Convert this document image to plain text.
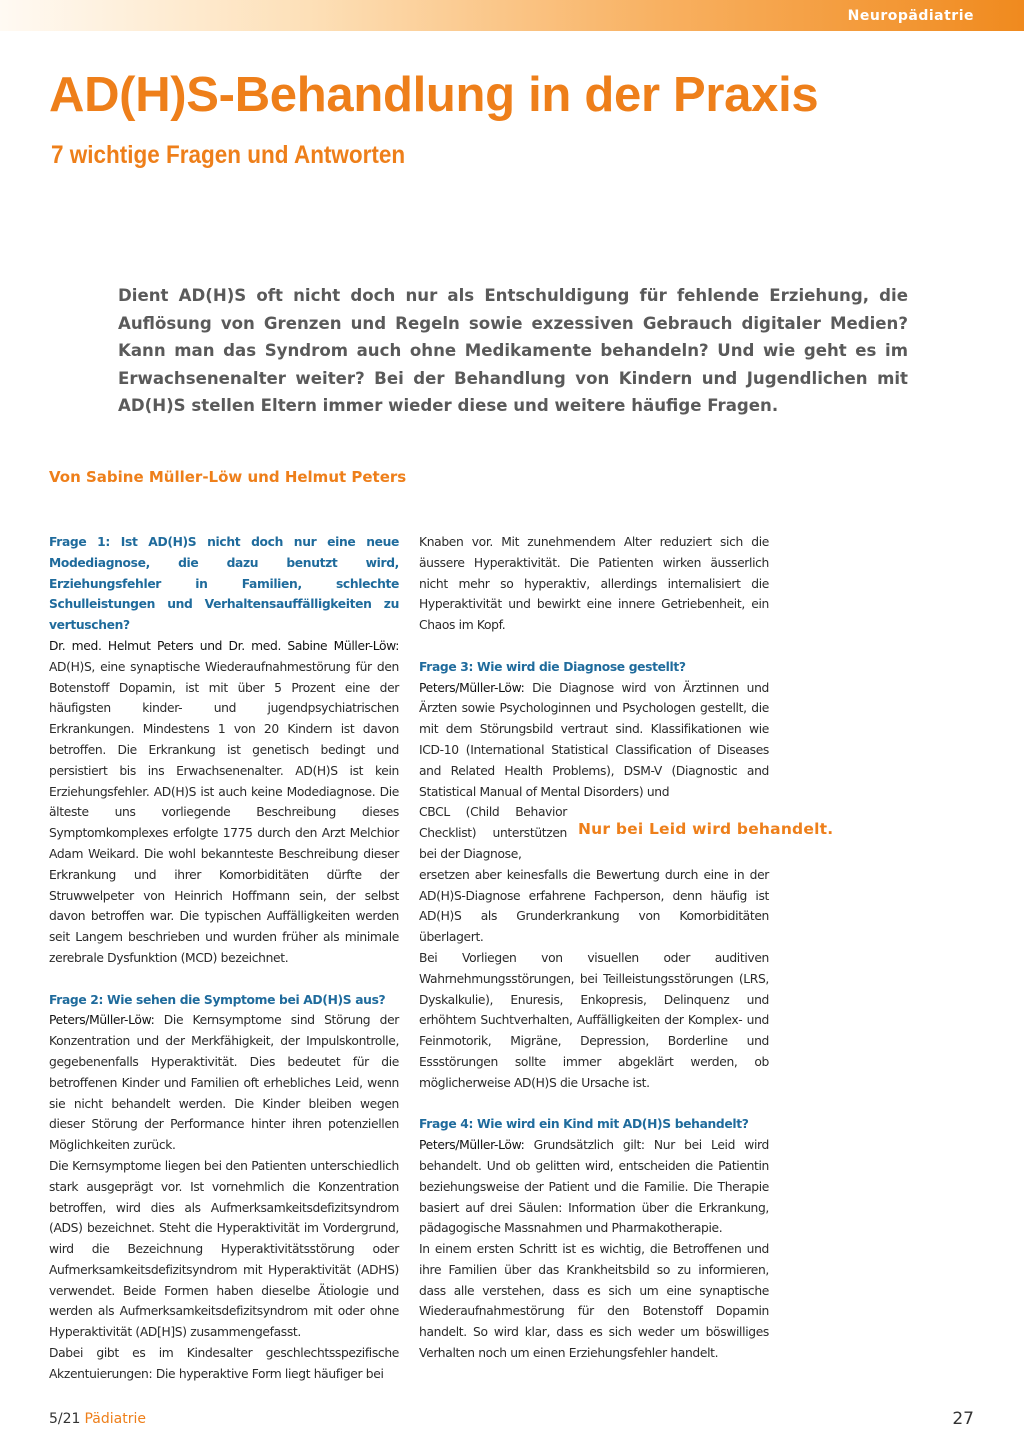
Neuropädiatrie
AD(H)S-Behandlung in der Praxis
7 wichtige Fragen und Antworten

Dient AD(H)S oft nicht doch nur als Entschuldigung für fehlende Erziehung, die Auflösung von Grenzen und Regeln sowie exzessiven Gebrauch digitaler Medien? Kann man das Syndrom auch ohne Medikamente behandeln? Und wie geht es im Erwachsenenalter weiter? Bei der Behandlung von Kindern und Jugendlichen mit AD(H)S stellen Eltern immer wieder diese und weitere häufige Fragen.

Von Sabine Müller-Löw und Helmut Peters

Frage 1: Ist AD(H)S nicht doch nur eine neue Modediagnose, die dazu benutzt wird, Erziehungsfehler in Familien, schlechte Schulleistungen und Verhaltensauffälligkeiten zu vertuschen?

Dr. med. Helmut Peters und Dr. med. Sabine Müller-Löw: AD(H)S, eine synaptische Wiederaufnahmestörung für den Botenstoff Dopamin, ist mit über 5 Prozent eine der häufigsten kinder- und jugendpsychiatrischen Erkrankungen. Mindestens 1 von 20 Kindern ist davon betroffen. Die Erkrankung ist genetisch bedingt und persistiert bis ins Erwachsenenalter. AD(H)S ist kein Erziehungsfehler. AD(H)S ist auch keine Modediagnose. Die älteste uns vorliegende Beschreibung dieses Symptomkomplexes erfolgte 1775 durch den Arzt Melchior Adam Weikard. Die wohl bekannteste Beschreibung dieser Erkrankung und ihrer Komorbiditäten dürfte der Struwwelpeter von Heinrich Hoffmann sein, der selbst davon betroffen war. Die typischen Auffälligkeiten werden seit Langem beschrieben und wurden früher als minimale zerebrale Dysfunktion (MCD) bezeichnet.

Frage 2: Wie sehen die Symptome bei AD(H)S aus?

Peters/Müller-Löw: Die Kernsymptome sind Störung der Konzentration und der Merkfähigkeit, der Impulskontrolle, gegebenenfalls Hyperaktivität. Dies bedeutet für die betroffenen Kinder und Familien oft erhebliches Leid, wenn sie nicht behandelt werden. Die Kinder bleiben wegen dieser Störung der Performance hinter ihren potenziellen Möglichkeiten zurück.

Die Kernsymptome liegen bei den Patienten unterschiedlich stark ausgeprägt vor. Ist vornehmlich die Konzentration betroffen, wird dies als Aufmerksamkeitsdefizitsyndrom (ADS) bezeichnet. Steht die Hyperaktivität im Vordergrund, wird die Bezeichnung Hyperaktivitätsstörung oder Aufmerksamkeitsdefizitsyndrom mit Hyperaktivität (ADHS) verwendet. Beide Formen haben dieselbe Ätiologie und werden als Aufmerksamkeitsdefizitsyndrom mit oder ohne Hyperaktivität (AD[H]S) zusammengefasst.

Dabei gibt es im Kindesalter geschlechtsspezifische Akzentuierungen: Die hyperaktive Form liegt häufiger bei

Knaben vor. Mit zunehmendem Alter reduziert sich die äussere Hyperaktivität. Die Patienten wirken äusserlich nicht mehr so hyperaktiv, allerdings internalisiert die Hyperaktivität und bewirkt eine innere Getriebenheit, ein Chaos im Kopf.

Frage 3: Wie wird die Diagnose gestellt?

Peters/Müller-Löw: Die Diagnose wird von Ärztinnen und Ärzten sowie Psychologinnen und Psychologen gestellt, die mit dem Störungsbild vertraut sind. Klassifikationen wie ICD-10 (International Statistical Classification of Diseases and Related Health Problems), DSM-V (Diagnostic and Statistical Manual of Mental Disorders) und

CBCL (Child Behavior Checklist) unterstützen bei der Diagnose,

ersetzen aber keinesfalls die Bewertung durch eine in der AD(H)S-Diagnose erfahrene Fachperson, denn häufig ist AD(H)S als Grunderkrankung von Komorbiditäten überlagert.

Bei Vorliegen von visuellen oder auditiven Wahrnehmungsstörungen, bei Teilleistungsstörungen (LRS, Dyskalkulie), Enuresis, Enkopresis, Delinquenz und erhöhtem Suchtverhalten, Auffälligkeiten der Komplex- und Feinmotorik, Migräne, Depression, Borderline und Essstörungen sollte immer abgeklärt werden, ob möglicherweise AD(H)S die Ursache ist.

Frage 4: Wie wird ein Kind mit AD(H)S behandelt?

Peters/Müller-Löw: Grundsätzlich gilt: Nur bei Leid wird behandelt. Und ob gelitten wird, entscheiden die Patientin beziehungsweise der Patient und die Familie. Die Therapie basiert auf drei Säulen: Information über die Erkrankung, pädagogische Massnahmen und Pharmakotherapie.

In einem ersten Schritt ist es wichtig, die Betroffenen und ihre Familien über das Krankheitsbild so zu informieren, dass alle verstehen, dass es sich um eine synaptische Wiederaufnahmestörung für den Botenstoff Dopamin handelt. So wird klar, dass es sich weder um böswilliges Verhalten noch um einen Erziehungsfehler handelt.

Nur bei Leid wird behandelt.
5/21 Pädiatrie	27
